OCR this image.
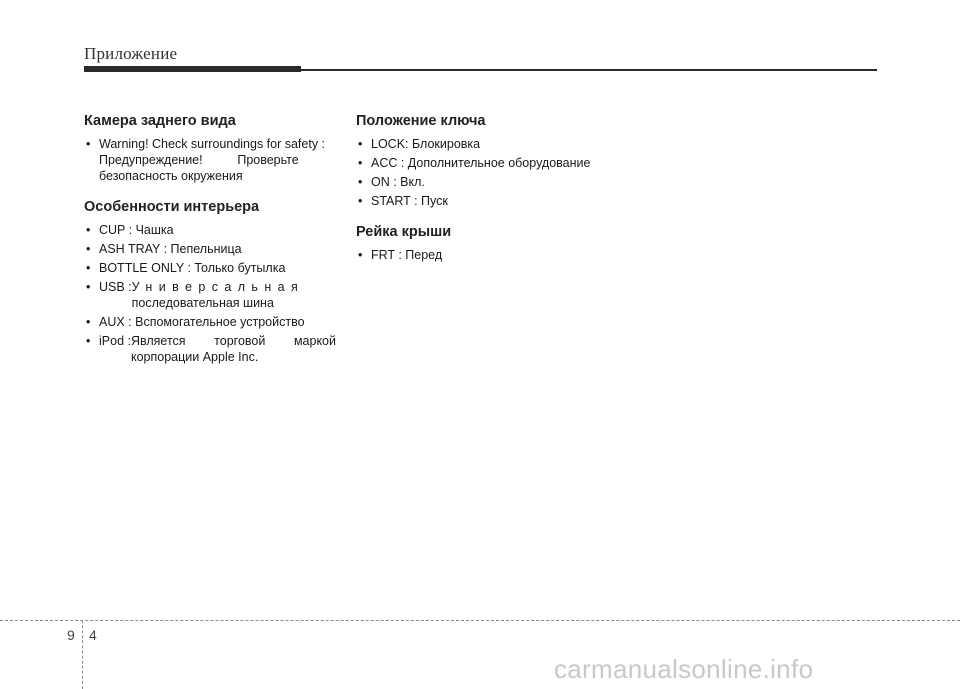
Приложение
Камера заднего вида
• Warning! Check surroundings for safety :
Предупреждение!          Проверьте
безопасность окружения
Особенности интерьера
• CUP : Чашка
• ASH TRAY : Пепельница
• BOTTLE ONLY : Только бутылка
• USB : Универсальная
последовательная шина
• AUX : Вспомогательное устройство
• iPod : Является торговой маркой
корпорации Apple Inc.
Положение ключа
• LOCK: Блокировка
• ACC : Дополнительное оборудование
• ON : Вкл.
• START : Пуск
Рейка крыши
• FRT : Перед
9 4
carmanualsonline.info
